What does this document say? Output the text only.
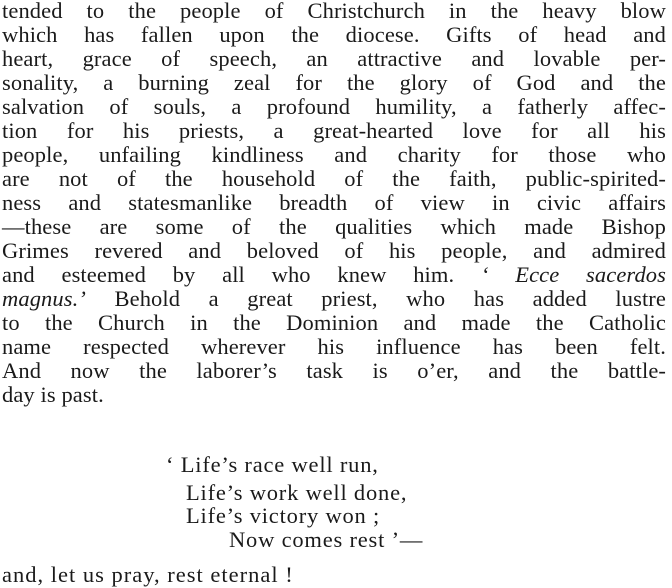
tended to the people of Christchurch in the heavy blow
which has fallen upon the diocese. Gifts of head and
heart, grace of speech, an attractive and lovable per-
sonality, a burning zeal for the glory of God and the
salvation of souls, a profound humility, a fatherly affec-
tion for his priests, a great-hearted love for all his
people, unfailing kindliness and charity for those who
are not of the household of the faith, public-spirited-
ness and statesmanlike breadth of view in civic affairs
—these are some of the qualities which made Bishop
Grimes revered and beloved of his people, and admired
and esteemed by all who knew him. ‘ Ecce sacerdos
magnus.’ Behold a great priest, who has added lustre
to the Church in the Dominion and made the Catholic
name respected wherever his influence has been felt.
And now the laborer’s task is o’er, and the battle-
day is past.
‘ Life’s race well run,
Life’s work well done,
Life’s victory won ;
Now comes rest ’—
and, let us pray, rest eternal !
